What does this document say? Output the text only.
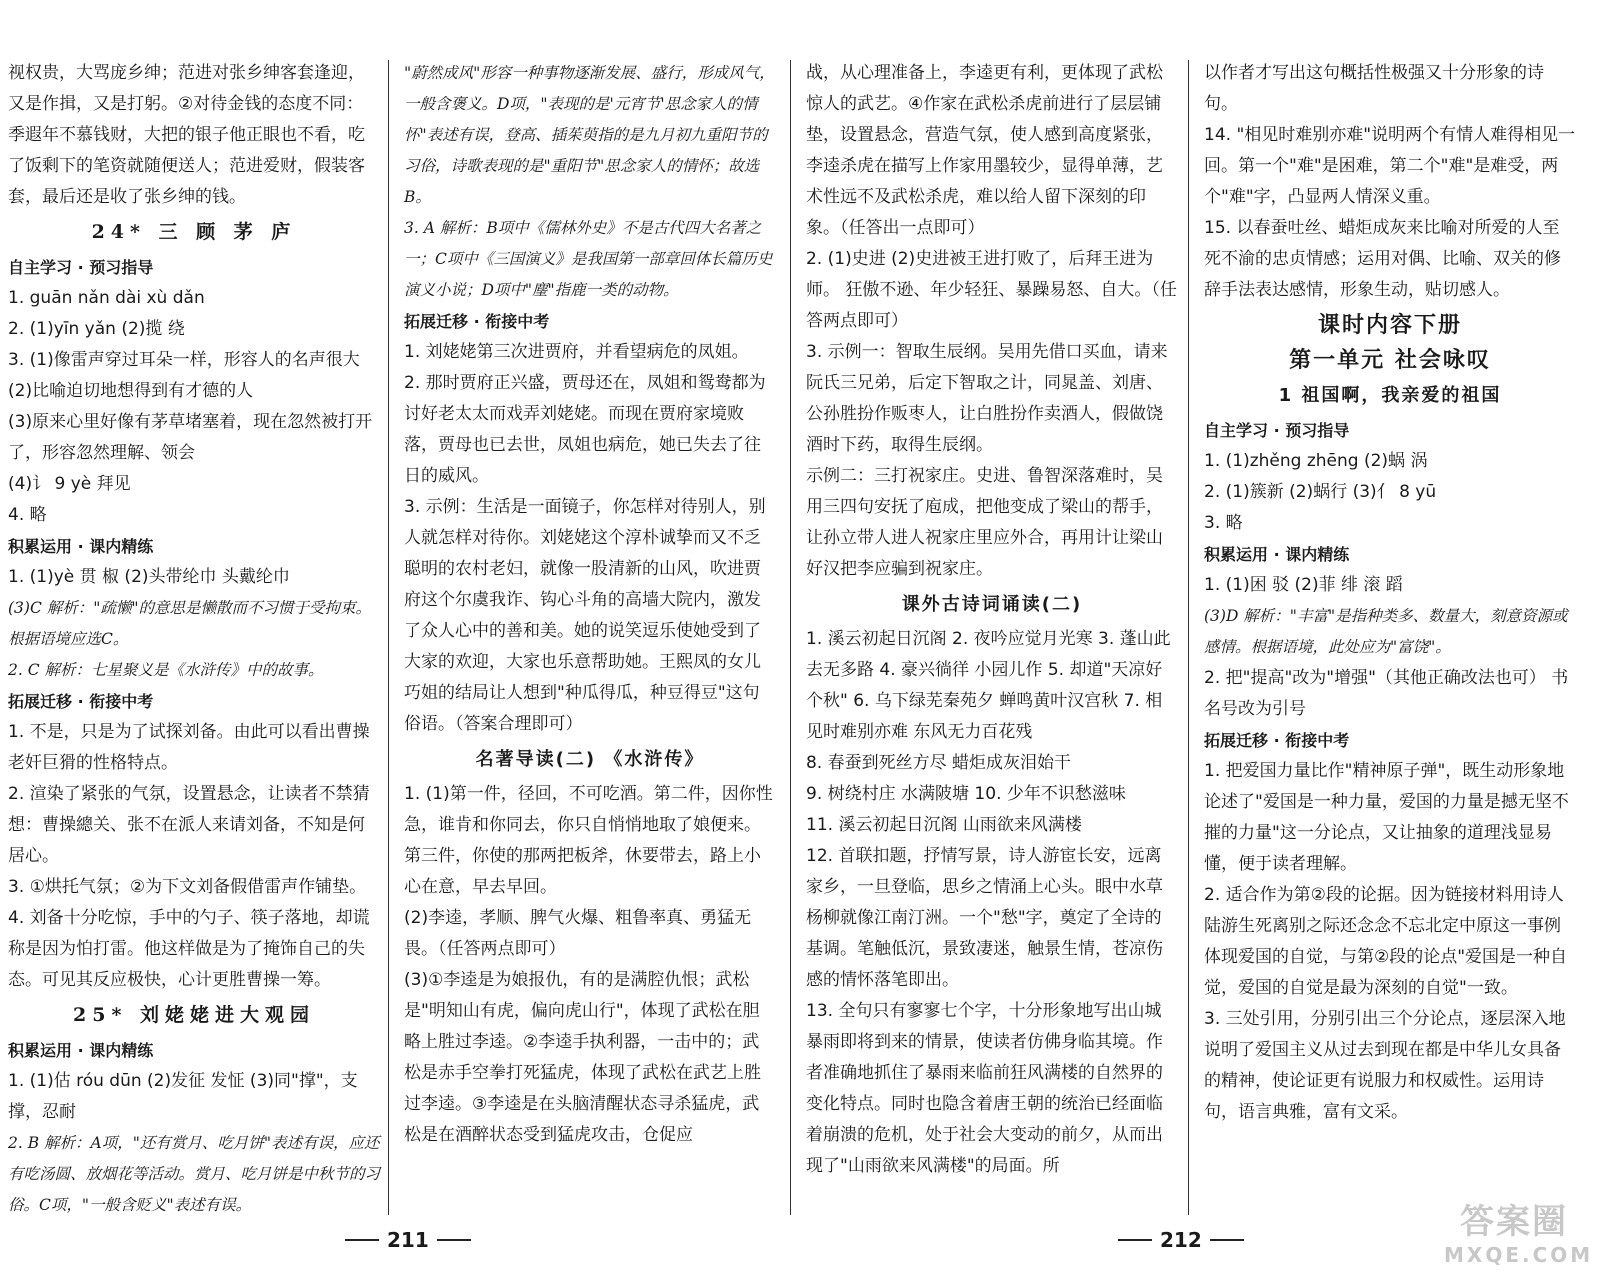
视权贵，大骂庞乡绅；范进对张乡绅客套逢迎，
又是作揖，又是打躬。②对待金钱的态度不同：季遐年不慕钱财，大把的银子他正眼也不看，吃了饭剩下的笔资就随便送人；范进爱财，假装客套，最后还是收了张乡绅的钱。
24* 三 顾 茅 庐
自主学习 · 预习指导
1. guān nǎn dài xù dǎn
2. (1)yīn yǎn (2)揽 绕
3. (1)像雷声穿过耳朵一样，形容人的名声很大
(2)比喻迫切地想得到有才德的人
(3)原来心里好像有茅草堵塞着，现在忽然被打开了，形容忽然理解、领会
(4)讠 9 yè 拜见
4. 略
积累运用 · 课内精练
1. (1)yè 贯 椒 (2)头带纶巾 头戴纶巾
(3)C 解析："疏懒"的意思是懒散而不习惯于受拘束。根据语境应选C。
2. C 解析：七星聚义是《水浒传》中的故事。
拓展迁移 · 衔接中考
1. 不是，只是为了试探刘备。由此可以看出曹操老奸巨猾的性格特点。
2. 渲染了紧张的气氛，设置悬念，让读者不禁猜想：曹操總关、张不在派人来请刘备，不知是何居心。
3. ①烘托气氛；②为下文刘备假借雷声作铺垫。
4. 刘备十分吃惊，手中的勺子、筷子落地，却谎称是因为怕打雷。他这样做是为了掩饰自己的失态。可见其反应极快，心计更胜曹操一筹。
25* 刘姥姥进大观园
积累运用 · 课内精练
1. (1)估 róu dūn (2)发征 发怔 (3)同"撑"，支撑，忍耐
2. B 解析：A项，"还有赏月、吃月饼"表述有误，应还有吃汤圆、放烟花等活动。赏月、吃月饼是中秋节的习俗。C项，"一般含贬义"表述有误。
"蔚然成风"形容一种事物逐渐发展、盛行，形成风气，一般含褒义。D项，"表现的是'元宵节'思念家人的情怀"表述有误，登高、插茱萸指的是九月初九重阳节的习俗，诗歌表现的是"重阳节"思念家人的情怀；故选B。
3. A 解析：B项中《儒林外史》不是古代四大名著之一；C项中《三国演义》是我国第一部章回体长篇历史演义小说；D项中"麈"指鹿一类的动物。
拓展迁移 · 衔接中考
1. 刘姥姥第三次进贾府，并看望病危的凤姐。
2. 那时贾府正兴盛，贾母还在，凤姐和鸳鸯都为讨好老太太而戏弄刘姥姥。而现在贾府家境败落，贾母也已去世，凤姐也病危，她已失去了往日的威风。
3. 示例：生活是一面镜子，你怎样对待别人，别人就怎样对待你。刘姥姥这个淳朴诚挚而又不乏聪明的农村老妇，就像一股清新的山风，吹进贾府这个尔虞我诈、钩心斗角的高墙大院内，激发了众人心中的善和美。她的说笑逗乐使她受到了大家的欢迎，大家也乐意帮助她。王熙凤的女儿巧姐的结局让人想到"种瓜得瓜，种豆得豆"这句俗语。（答案合理即可）
名著导读(二) 《水浒传》
1. (1)第一件，径回，不可吃酒。第二件，因你性急，谁肯和你同去，你只自悄悄地取了娘便来。第三件，你使的那两把板斧，休要带去，路上小心在意，早去早回。
(2)李逵，孝顺、脾气火爆、粗鲁率真、勇猛无畏。（任答两点即可）
(3)①李逵是为娘报仇，有的是满腔仇恨；武松是"明知山有虎，偏向虎山行"，体现了武松在胆略上胜过李逵。②李逵手执利器，一击中的；武松是赤手空拳打死猛虎，体现了武松在武艺上胜过李逵。③李逵是在头脑清醒状态寻杀猛虎，武松是在酒醉状态受到猛虎攻击，仓促应
战，从心理准备上，李逵更有利，更体现了武松惊人的武艺。④作家在武松杀虎前进行了层层铺垫，设置悬念，营造气氛，使人感到高度紧张，李逵杀虎在描写上作家用墨较少，显得单薄，艺术性远不及武松杀虎，难以给人留下深刻的印象。（任答出一点即可）
2. (1)史进 (2)史进被王进打败了，后拜王进为师。 狂傲不逊、年少轻狂、暴躁易怒、自大。（任答两点即可）
3. 示例一：智取生辰纲。吴用先借口买血，请来阮氏三兄弟，后定下智取之计，同晁盖、刘唐、公孙胜扮作贩枣人，让白胜扮作卖酒人，假做饶酒时下药，取得生辰纲。
示例二：三打祝家庄。史进、鲁智深落难时，吴用三四句安抚了庖成，把他变成了梁山的帮手，让孙立带人进人祝家庄里应外合，再用计让梁山好汉把李应骗到祝家庄。
课外古诗词诵读(二)
1. 溪云初起日沉阁 2. 夜吟应觉月光寒 3. 蓬山此去无多路 4. 豪兴徜徉 小园儿作 5. 却道"天凉好个秋" 6. 乌下绿芜秦苑夕 蝉鸣黄叶汉宫秋 7. 相见时难别亦难 东风无力百花残
8. 春蚕到死丝方尽 蜡炬成灰泪始干
9. 树绕村庄 水满陂塘 10. 少年不识愁滋味
11. 溪云初起日沉阁 山雨欲来风满楼
12. 首联扣题，抒情写景，诗人游宦长安，远离家乡，一旦登临，思乡之情涌上心头。眼中水草杨柳就像江南汀洲。一个"愁"字，奠定了全诗的基调。笔触低沉，景致凄迷，触景生情，苍凉伤感的情怀落笔即出。
13. 全句只有寥寥七个字，十分形象地写出山城暴雨即将到来的情景，使读者仿佛身临其境。作者准确地抓住了暴雨来临前狂风满楼的自然界的变化特点。同时也隐含着唐王朝的统治已经面临着崩溃的危机，处于社会大变动的前夕，从而出现了"山雨欲来风满楼"的局面。所
以作者才写出这句概括性极强又十分形象的诗句。
14. "相见时难别亦难"说明两个有情人难得相见一回。第一个"难"是困难，第二个"难"是难受，两个"难"字，凸显两人情深义重。
15. 以春蚕吐丝、蜡炬成灰来比喻对所爱的人至死不渝的忠贞情感；运用对偶、比喻、双关的修辞手法表达感情，形象生动，贴切感人。
课时内容下册
第一单元 社会咏叹
1 祖国啊，我亲爱的祖国
自主学习 · 预习指导
1. (1)zhěng zhēng (2)蜗 涡
2. (1)簇新 (2)蜗行 (3)亻 8 yū
3. 略
积累运用 · 课内精练
1. (1)困 驳 (2)菲 绯 滚 蹈
(3)D 解析："丰富"是指种类多、数量大，刻意资源或感情。根据语境，此处应为"富饶"。
2. 把"提高"改为"增强"（其他正确改法也可） 书名号改为引号
拓展迁移 · 衔接中考
1. 把爱国力量比作"精神原子弹"，既生动形象地论述了"爱国是一种力量，爱国的力量是撼无坚不摧的力量"这一分论点，又让抽象的道理浅显易懂，便于读者理解。
2. 适合作为第②段的论据。因为链接材料用诗人陆游生死离别之际还念念不忘北定中原这一事例体现爱国的自觉，与第②段的论点"爱国是一种自觉，爱国的自觉是最为深刻的自觉"一致。
3. 三处引用，分别引出三个分论点，逐层深入地说明了爱国主义从过去到现在都是中华儿女具备的精神，使论证更有说服力和权威性。运用诗句，语言典雅，富有文采。
211	212	答案圈
MXQE.COM
